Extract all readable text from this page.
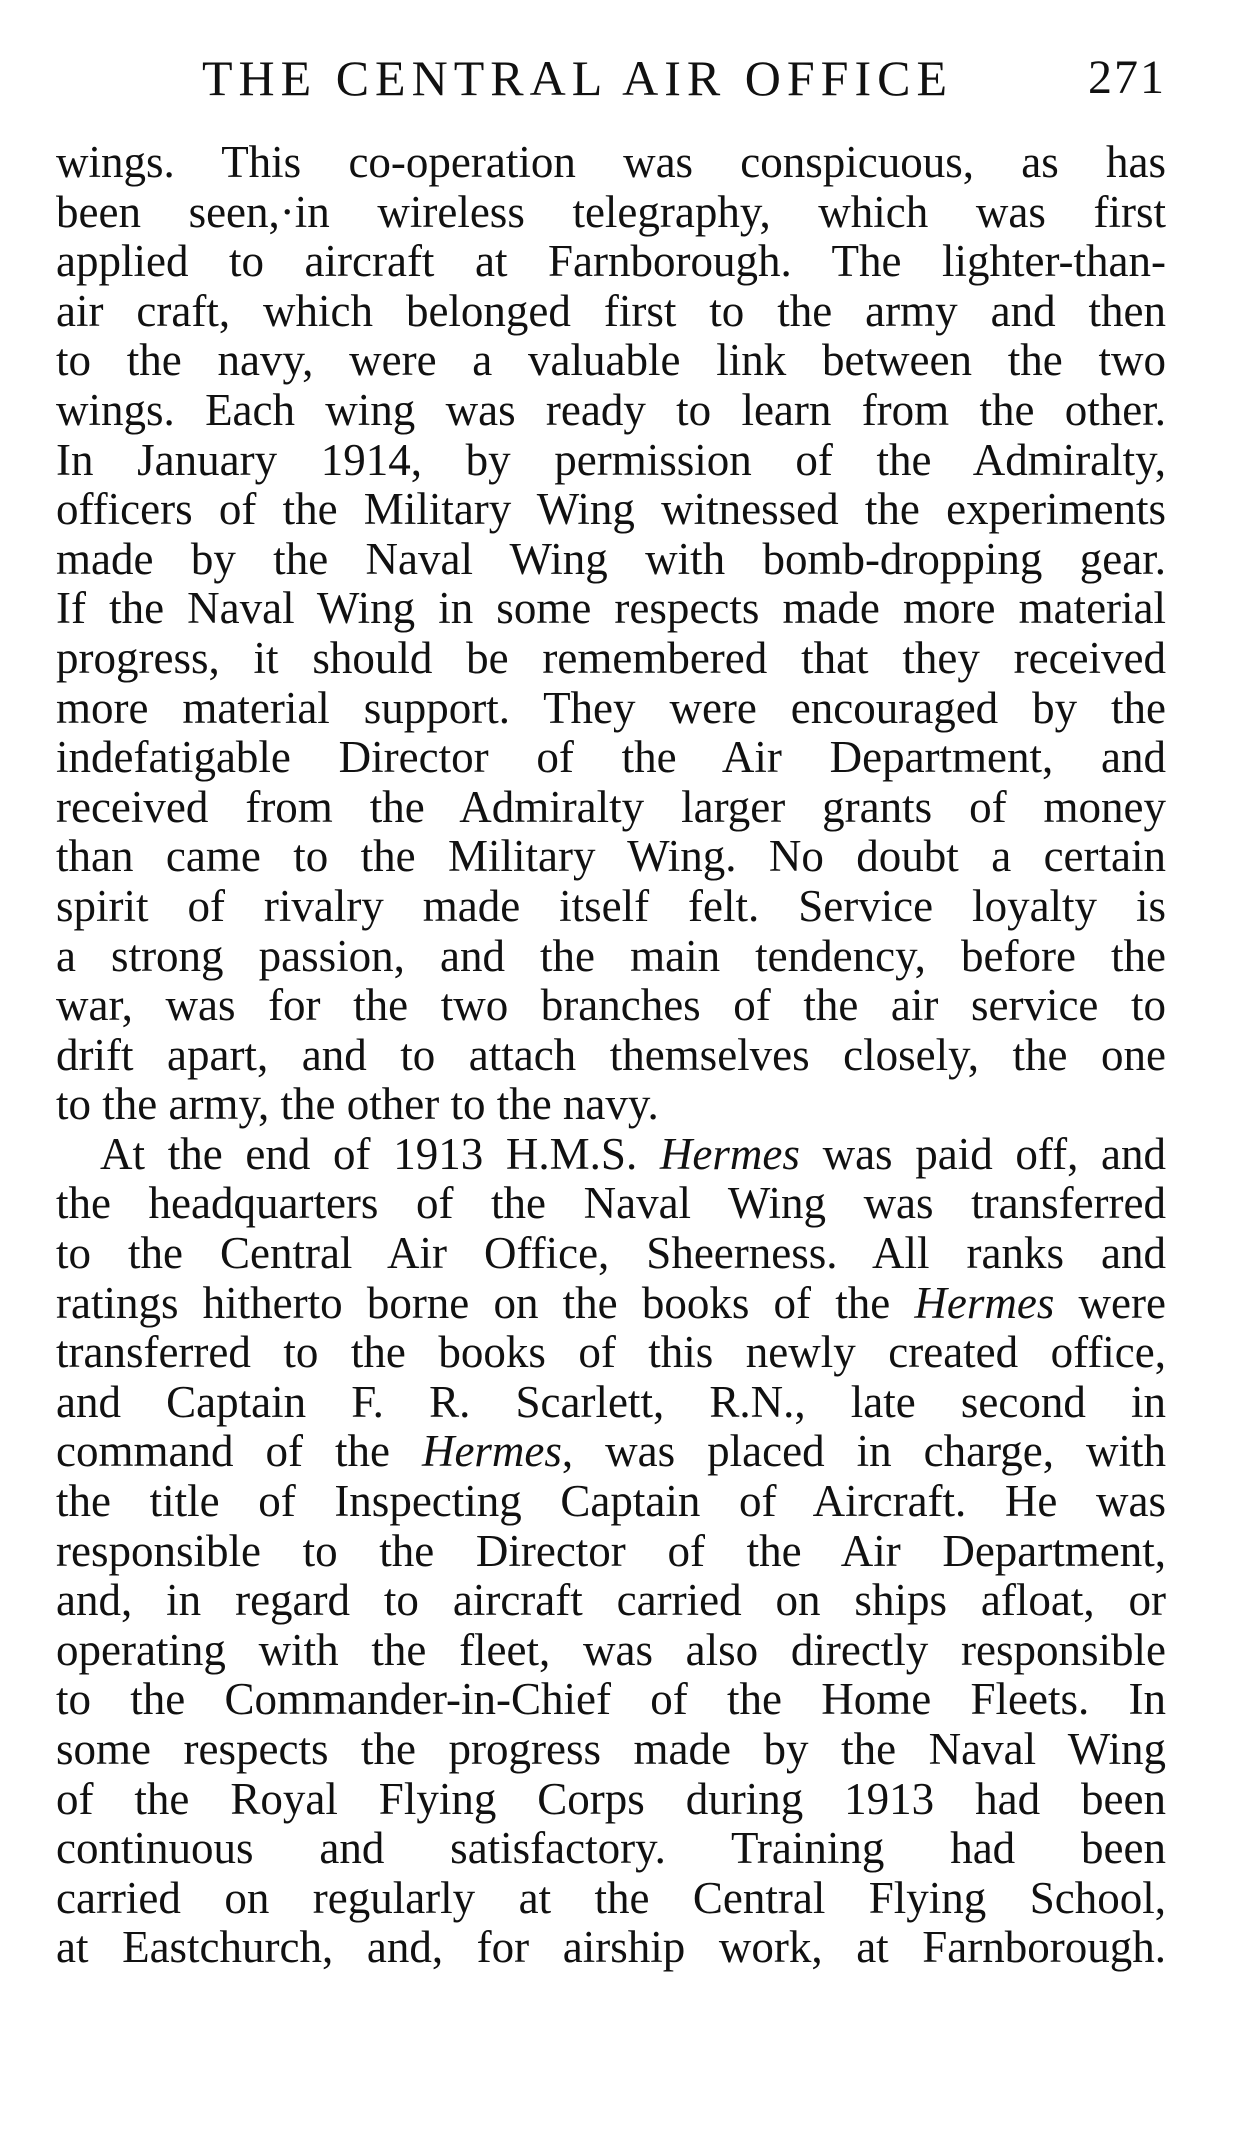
THE CENTRAL AIR OFFICE	271
wings. This co-operation was conspicuous, as has
been seen,·in wireless telegraphy, which was first
applied to aircraft at Farnborough. The lighter-than-
air craft, which belonged first to the army and then
to the navy, were a valuable link between the two
wings. Each wing was ready to learn from the other.
In January 1914, by permission of the Admiralty,
officers of the Military Wing witnessed the experiments
made by the Naval Wing with bomb-dropping gear.
If the Naval Wing in some respects made more material
progress, it should be remembered that they received
more material support. They were encouraged by the
indefatigable Director of the Air Department, and
received from the Admiralty larger grants of money
than came to the Military Wing. No doubt a certain
spirit of rivalry made itself felt. Service loyalty is
a strong passion, and the main tendency, before the
war, was for the two branches of the air service to
drift apart, and to attach themselves closely, the one
to the army, the other to the navy.
At the end of 1913 H.M.S. Hermes was paid off, and
the headquarters of the Naval Wing was transferred
to the Central Air Office, Sheerness. All ranks and
ratings hitherto borne on the books of the Hermes were
transferred to the books of this newly created office,
and Captain F. R. Scarlett, R.N., late second in
command of the Hermes, was placed in charge, with
the title of Inspecting Captain of Aircraft. He was
responsible to the Director of the Air Department,
and, in regard to aircraft carried on ships afloat, or
operating with the fleet, was also directly responsible
to the Commander-in-Chief of the Home Fleets. In
some respects the progress made by the Naval Wing
of the Royal Flying Corps during 1913 had been
continuous and satisfactory. Training had been
carried on regularly at the Central Flying School,
at Eastchurch, and, for airship work, at Farnborough.
